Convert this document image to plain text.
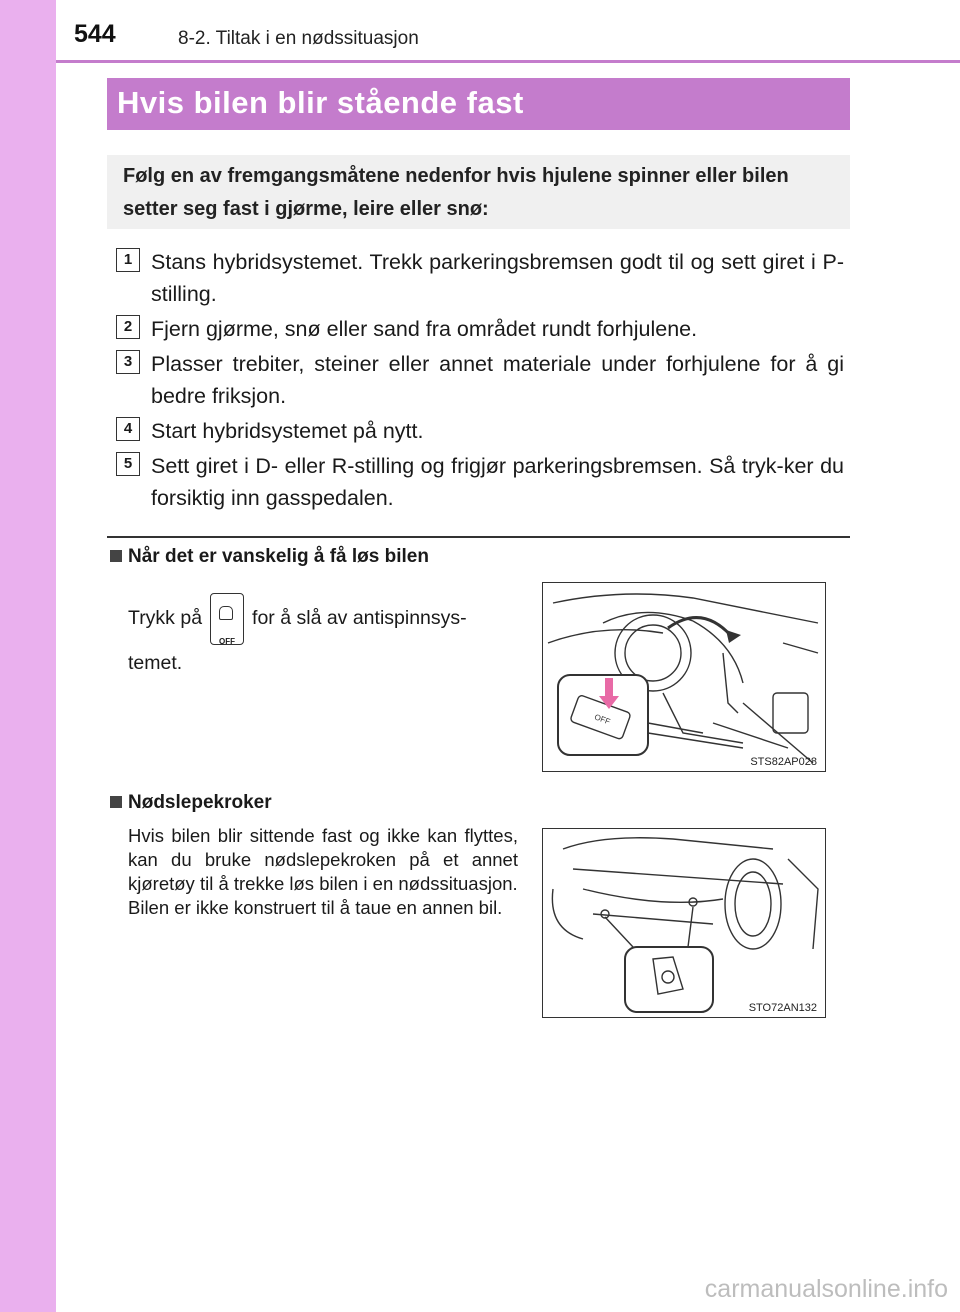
544	8-2. Tiltak i en nødssituasjon
Hvis bilen blir stående fast
Følg en av fremgangsmåtene nedenfor hvis hjulene spinner eller bilen setter seg fast i gjørme, leire eller snø:
1 Stans hybridsystemet. Trekk parkeringsbremsen godt til og sett giret i P-stilling.
2 Fjern gjørme, snø eller sand fra området rundt forhjulene.
3 Plasser trebiter, steiner eller annet materiale under forhjulene for å gi bedre friksjon.
4 Start hybridsystemet på nytt.
5 Sett giret i D- eller R-stilling og frigjør parkeringsbremsen. Så tryk-ker du forsiktig inn gasspedalen.
Når det er vanskelig å få løs bilen
Trykk på
OFF
for å slå av antispinnsys-temet.
OFF
STS82AP028
Nødslepekroker
Hvis bilen blir sittende fast og ikke kan flyttes, kan du bruke nødslepekroken på et annet kjøretøy til å trekke løs bilen i en nødssituasjon.
Bilen er ikke konstruert til å taue en annen bil.
STO72AN132
carmanualsonline.info
